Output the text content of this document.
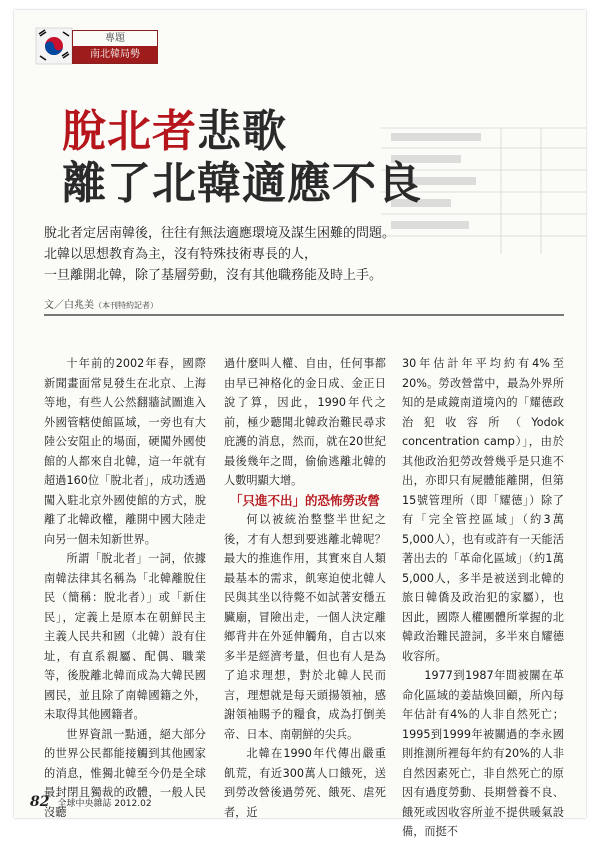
專題
南北韓局勢
脫北者悲歌
離了北韓適應不良

脫北者定居南韓後，往往有無法適應環境及謀生困難的問題。

北韓以思想教育為主，沒有特殊技術專長的人，

一旦離開北韓，除了基層勞動，沒有其他職務能及時上手。

文／白兆美（本刊特約記者）

十年前的2002年春，國際新聞畫面常見發生在北京、上海等地，有些人公然翻牆試圖進入外國管轄使館區域，一旁也有大陸公安阻止的場面，硬闖外國使館的人都來自北韓，這一年就有超過160位「脫北者」，成功透過闖入駐北京外國使館的方式，脫離了北韓政權，離開中國大陸走向另一個未知新世界。

所謂「脫北者」一詞，依據南韓法律其名稱為「北韓離脫住民（簡稱：脫北者）」或「新住民」，定義上是原本在朝鮮民主主義人民共和國（北韓）設有住址，有直系親屬、配偶、職業等，後脫離北韓而成為大韓民國國民，並且除了南韓國籍之外，未取得其他國籍者。

世界資訊一點通，絕大部分的世界公民都能接觸到其他國家的消息，惟獨北韓至今仍是全球最封閉且獨裁的政體，一般人民沒聽

過什麼叫人權、自由，任何事都由早已神格化的金日成、金正日說了算，因此，1990年代之前，極少聽聞北韓政治難民尋求庇護的消息，然而，就在20世紀最後幾年之間，偷偷逃離北韓的人數明顯大增。

「只進不出」的恐怖勞改營

何以被統治整整半世紀之後，才有人想到要逃離北韓呢？最大的推進作用，其實來自人類最基本的需求，飢寒迫使北韓人民與其坐以待斃不如試著安穩五臟廟，冒險出走，一個人決定離鄉背井在外延伸觸角，自古以來多半是經濟考量，但也有人是為了追求理想，對於北韓人民而言，理想就是每天頭揚領袖，感謝領袖賜予的糧食，成為打倒美帝、日本、南朝鮮的尖兵。

北韓在1990年代傳出嚴重飢荒，有近300萬人口餓死，送到勞改營後過勞死、餓死、虐死者，近

30年估計年平均約有4%至20%。勞改營當中，最為外界所知的是咸鏡南道境內的「耀德政治犯收容所（Yodok concentration camp）」，由於其他政治犯勞改營幾乎是只進不出，亦即只有屍體能離開，但第15號管理所（即「耀德」）除了有「完全管控區域」（約3萬5,000人），也有或許有一天能活著出去的「革命化區域」（約1萬5,000人，多半是被送到北韓的旅日韓僑及政治犯的家屬），也因此，國際人權團體所掌握的北韓政治難民證詞，多半來自耀德收容所。

1977到1987年間被關在革命化區域的姜喆煥回顧，所內每年估計有4%的人非自然死亡；1995到1999年被關過的李永國則推測所裡每年約有20%的人非自然因素死亡，非自然死亡的原因有過度勞動、長期營養不良、餓死或因收容所並不提供暖氣設備，而挺不

82 全球中央雜誌 2012.02
